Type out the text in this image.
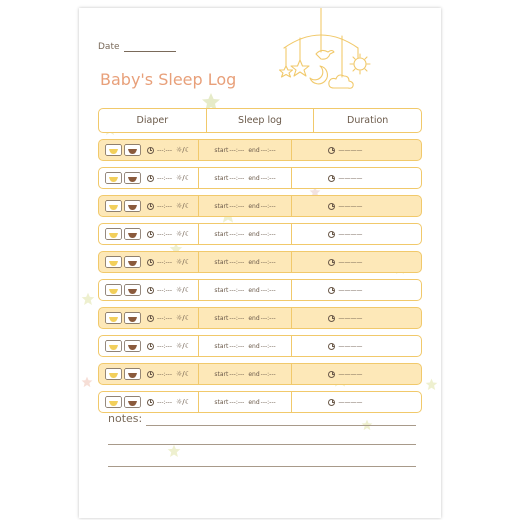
Date
Baby's Sleep Log
Diaper	Sleep log	Duration
---:--- ☼/☾	start ---:--- end ---:---	————
---:--- ☼/☾	start ---:--- end ---:---	————
---:--- ☼/☾	start ---:--- end ---:---	————
---:--- ☼/☾	start ---:--- end ---:---	————
---:--- ☼/☾	start ---:--- end ---:---	————
---:--- ☼/☾	start ---:--- end ---:---	————
---:--- ☼/☾	start ---:--- end ---:---	————
---:--- ☼/☾	start ---:--- end ---:---	————
---:--- ☼/☾	start ---:--- end ---:---	————
---:--- ☼/☾	start ---:--- end ---:---	————
notes:
